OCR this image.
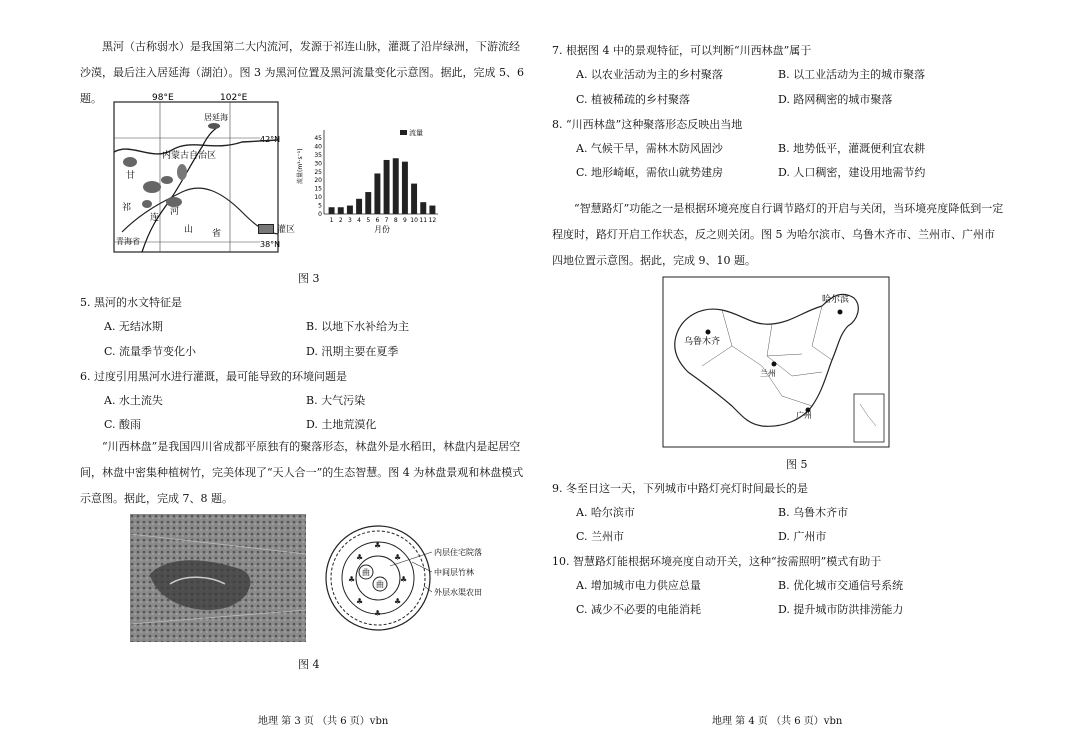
黑河（古称弱水）是我国第二大内流河，发源于祁连山脉，灌溉了沿岸绿洲，下游流经沙漠，最后注入居延海（湖泊）。图 3 为黑河位置及黑河流量变化示意图。据此，完成 5、6 题。	98°E	102°E
42°N
38°N
居延海
内蒙古自治区
甘
祁
连
河
山 省
青海省
灌区
0
5
10
15
20
25
30
35
40
45
1 2 3 4 5 6 7 8 9 10 11 12
流量
流量(m³·s⁻¹)
月份
图 3
5. 黑河的水文特征是
A. 无结冰期	B. 以地下水补给为主
C. 流量季节变化小	D. 汛期主要在夏季
6. 过度引用黑河水进行灌溉，最可能导致的环境问题是
A. 水土流失	B. 大气污染
C. 酸雨	D. 土地荒漠化
“川西林盘”是我国四川省成都平原独有的聚落形态，林盘外是水稻田，林盘内是起居空间，林盘中密集种植树竹，完美体现了“天人合一”的生态智慧。图 4 为林盘景观和林盘模式示意图。据此，完成 7、8 题。
♣
♣
♣	♣
♣	♣
♣	♣
曲
曲
内层住宅院落
中间层竹林
外层水渠农田
图 4
地理 第 3 页 （共 6 页）vbn
7. 根据图 4 中的景观特征，可以判断“川西林盘”属于
A. 以农业活动为主的乡村聚落	B. 以工业活动为主的城市聚落
C. 植被稀疏的乡村聚落	D. 路网稠密的城市聚落
8. “川西林盘”这种聚落形态反映出当地
A. 气候干旱，需林木防风固沙	B. 地势低平，灌溉便利宜农耕
C. 地形崎岖，需依山就势建房	D. 人口稠密，建设用地需节约
“智慧路灯”功能之一是根据环境亮度自行调节路灯的开启与关闭，当环境亮度降低到一定程度时，路灯开启工作状态，反之则关闭。图 5 为哈尔滨市、乌鲁木齐市、兰州市、广州市四地位置示意图。据此，完成 9、10 题。
乌鲁木齐
哈尔滨
兰州
广州
图 5
9. 冬至日这一天，下列城市中路灯亮灯时间最长的是
A. 哈尔滨市	B. 乌鲁木齐市
C. 兰州市	D. 广州市
10. 智慧路灯能根据环境亮度自动开关，这种“按需照明”模式有助于
A. 增加城市电力供应总量	B. 优化城市交通信号系统
C. 减少不必要的电能消耗	D. 提升城市防洪排涝能力
地理 第 4 页 （共 6 页）vbn
